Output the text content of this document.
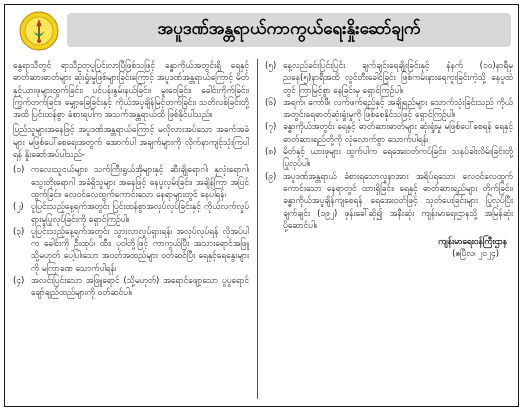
အပူဒဏ်အန္တရာယ်ကာကွယ်ရေးနှိုးဆော်ချက်

နွေရာသီတွင် ရာသီဥတုပူပြင်းလာပြီဖြစ်သဖြင့် ခန္ဓာကိုယ်အတွင်းရှိ ရေနှင့်ဓာတ်ဆားဓာတ်များ ဆုံးရှုံးမှုဖြစ်များခြင်းကြောင့် အပူဒဏ်အန္တရာယ်ကြောင့် မိတ်နှင့်ယားဖုများထွက်ခြင်း၊ ပင်ပန်းနွမ်းနယ်ခြင်း၊ မူးဝေခြင်း၊ ခေါင်းကိုက်ခြင်း၊ ကြွက်တက်ခြင်း၊ မျှော့ခြေခြင်းနှင့် ကိုယ်အပူချိန်မြင့်တက်ခြင်း၊ သတိလစ်ခြင်းတို့အထိ ပြင်းထန်စွာ ခံစားရပါက အသက်အန္တရာယ်ထိ ဖြစ်နိုင်ပါသည်။

ပြည်သူများအနေဖြင့် အပူဒဏ်အန္တရာယ်ကြောင့် မလိုလားအပ်သော အခက်အခဲများ မဖြစ်ပေါ်စေရေးအတွက် အောက်ပါ အချက်များကို လိုက်နာကျင့်သုံးကြပါရန် နှိုးဆော်အပ်ပါသည်-

(၁) ကလေးသူငယ်များ၊ သက်ကြီးရွယ်အိုများနှင့် ဆီးချိုရောဂါ၊ နှလုံးရောဂါ၊ သွေးတိုးရောဂါ အခံရှိသူများ အနေဖြင့် နေပူလှမ်းခြင်း၊ အချိန်ကြာ အပြင်ထွက်ခြင်း၊ လေဝင်လေထွက်ကောင်းသော နေရာများတွင် နေပါရန်၊
(၂) ပူပြင်းသည့်နေ့ရက်အတွင်း ပြင်းထန်စွာအလုပ်လုပ်ခြင်းနှင့် ကိုယ်လက်လှုပ်ရှားမှုပြုလုပ်ခြင်းကို ရှောင်ကြဉ်ပါ။
(၃) ပူပြင်းသည့်နေ့ရက်အတွင်း သွားလာလှုပ်ရှားရန်၊ အလုပ်လုပ်ရန် လိုအပ်ပါက ခေါင်းကို ဦးထုပ်၊ ထီး၊ ပုဝါတို့ဖြင့် ကာကွယ်ပြီး အသားရောင်အဖြူ သို့မဟုတ် ပေါ့ပါးသော အဝတ်အထည်များ ဝတ်ဆင်ပြီး ရေနှင့်ရေနွေးများကို မကြာခဏ သောက်ပါရန်၊
(၄) အလင်းပြင်းသော အဖြူရောင် (သို့မဟုတ်) အရောင်ဖျော့သော ပွပွရောင်ချော်ချည်ထည်များကို ဝတ်ဆင်ပါ။
(၅) နေ့လည်ခင်းပြင်းပြင်း ချက်ချင်းရေချိုးခြင်းနှင့် နံနက် (၁၀)နာရီမှ ညနေ(၅)နာရီအထိ လွင်တီးခေါင်ခြင်း ဖြစ်ကမ်းနားရေကူးခြင်းကဲ့သို့ နေပူထဲတွင် ကြာမြင့်စွာ နေခြင်းမှ ရှောင်ကြဉ်ပါ။
(၆) အရက်၊ ကော်ဖီ၊ လက်ဖက်ရည်နှင့် အချိုရည်များ သောက်သုံးခြင်းသည် ကိုယ်အတွင်းရေဓာတ်ဆုံးရှုံးမှုကို ဖြစ်စေနိုင်သဖြင့် ရှောင်ကြဉ်ပါ။
(၇) ခန္ဓာကိုယ်အတွင်း ရေနှင့် ဓာတ်ဆားဓာတ်များ ဆုံးရှုံးမှု မဖြစ်ပေါ်စေရန် ရေနှင့်ဓာတ်ဆားရည်တို့ကို လုံလောက်စွာ သောက်ပါရန်၊
(၈) မိတ်နှင့် ယားဖုများ ထွက်ပါက ရေအေးဝတ်ကပ်ခြင်း၊ သနပ်ခါးလိမ်းခြင်းတို့ ပြုလုပ်ပါ။
(၉) အပူဒဏ်အန္တရာယ် ခံစားရသောလူနာအား အရိပ်ရသော၊ လေဝင်လေထွက်ကောင်းသော နေရာတွင် ထားရှိခြင်း၊ ရေနှင့် ဓာတ်ဆားရည်များ တိုက်ခြင်း၊ ခန္ဓာကိုယ်အပူချိန်ကျစေရန် ရေအေးဝတ်ဖြင့် သုတ်ပေးခြင်းများ ပြုလုပ်ပြီး ချက်ချင်း (၁၉၂) ဖုန်းခေါ်ဆို၍ အနီးဆုံး ကျန်းမာရေးဌာနသို့ အမြန်ဆုံး ပို့ဆောင်ပါ။
ကျန်းမာရေးဝန်ကြီးဌာန
(ဧပြီလ၊ ၂၀၂၄)
